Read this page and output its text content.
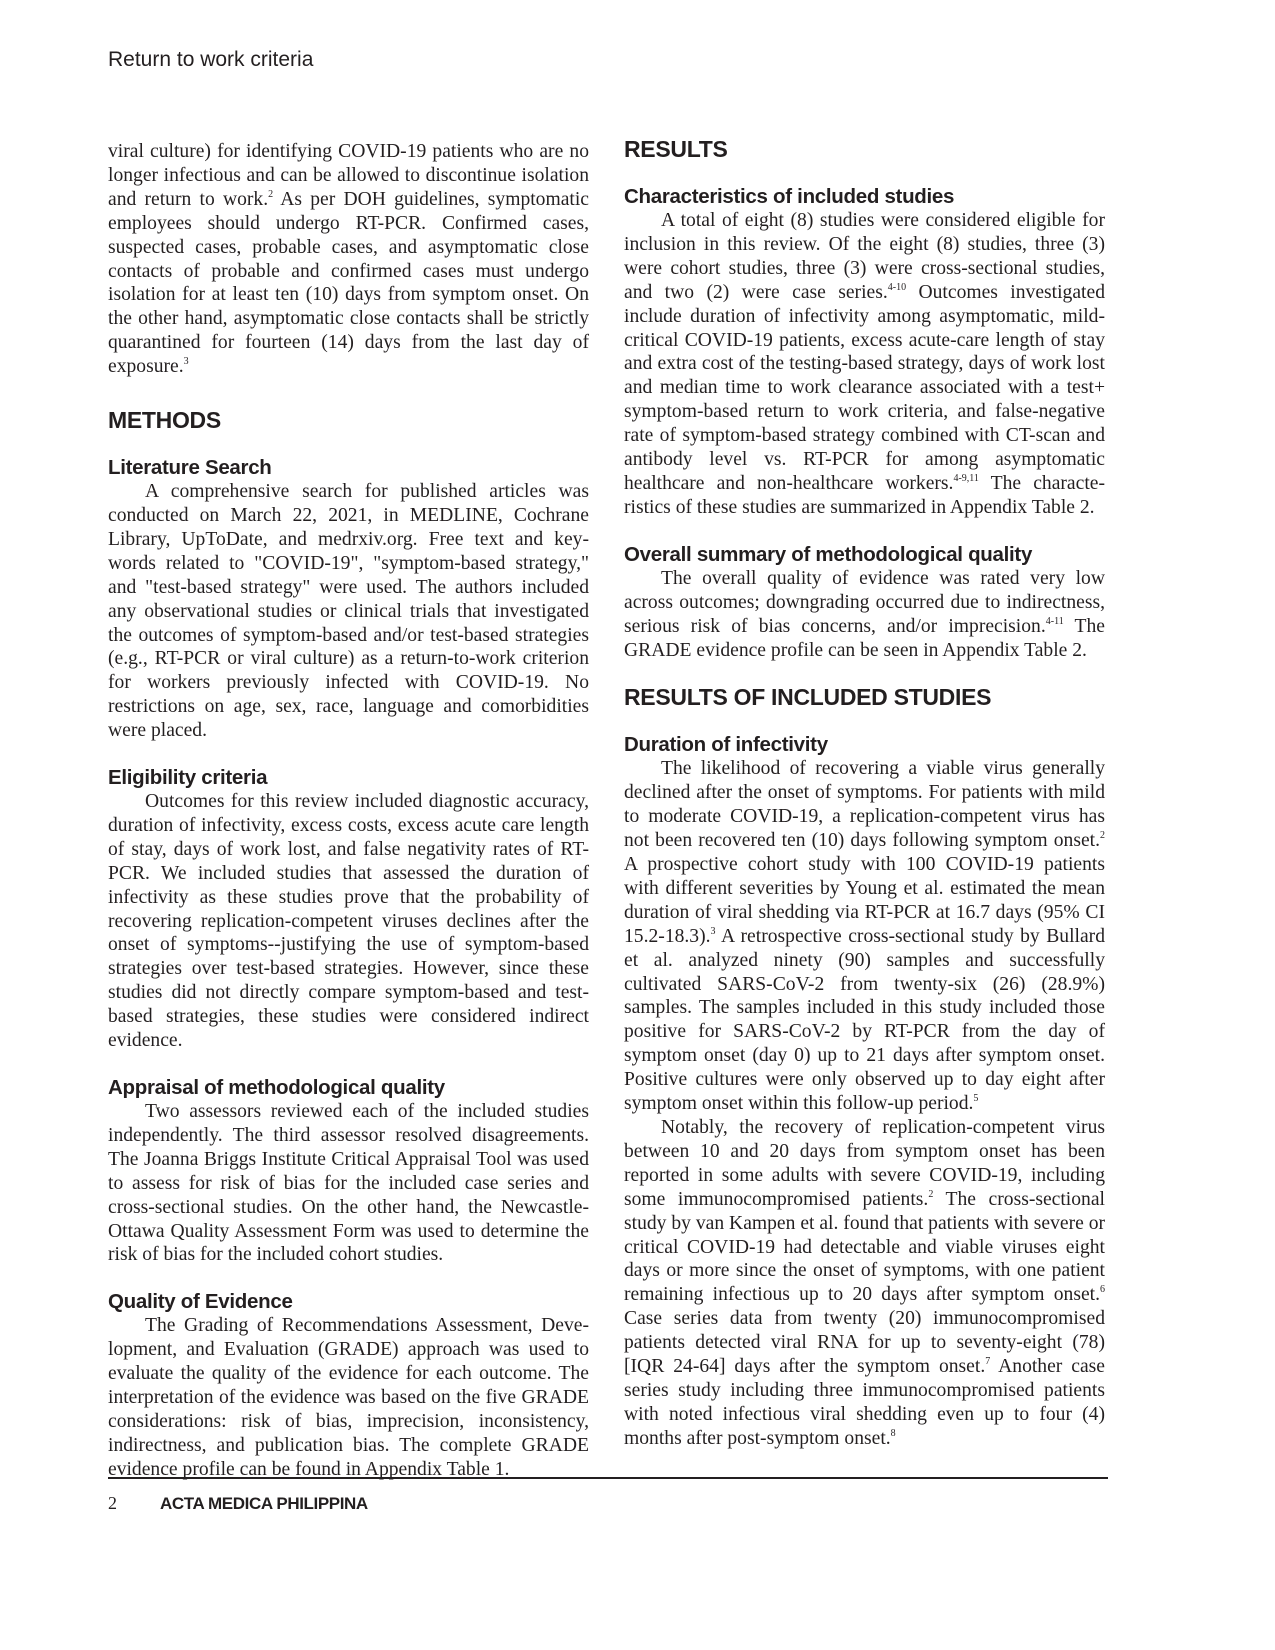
Return to work criteria

viral culture) for identifying COVID-19 patients who are no longer infectious and can be allowed to discontinue isolation and return to work.$^2$ As per DOH guidelines, symptomatic employees should undergo RT-PCR. Confirmed cases, suspected cases, probable cases, and asymptomatic close contacts of probable and confirmed cases must undergo isolation for at least ten (10) days from symptom onset. On the other hand, asymptomatic close contacts shall be strictly quarantined for fourteen (14) days from the last day of exposure.$^3$

METHODS
Literature Search

A comprehensive search for published articles was conducted on March 22, 2021, in MEDLINE, Cochrane Library, UpToDate, and medrxiv.org. Free text and key-words related to "COVID-19", "symptom-based strategy," and "test-based strategy" were used. The authors included any observational studies or clinical trials that investigated the outcomes of symptom-based and/or test-based strategies (e.g., RT-PCR or viral culture) as a return-to-work criterion for workers previously infected with COVID-19. No restrictions on age, sex, race, language and comorbidities were placed.

Eligibility criteria

Outcomes for this review included diagnostic accuracy, duration of infectivity, excess costs, excess acute care length of stay, days of work lost, and false negativity rates of RT-PCR. We included studies that assessed the duration of infectivity as these studies prove that the probability of recovering replication-competent viruses declines after the onset of symptoms--justifying the use of symptom-based strategies over test-based strategies. However, since these studies did not directly compare symptom-based and test-based strategies, these studies were considered indirect evidence.

Appraisal of methodological quality

Two assessors reviewed each of the included studies independently. The third assessor resolved disagreements. The Joanna Briggs Institute Critical Appraisal Tool was used to assess for risk of bias for the included case series and cross-sectional studies. On the other hand, the Newcastle-Ottawa Quality Assessment Form was used to determine the risk of bias for the included cohort studies.

Quality of Evidence

The Grading of Recommendations Assessment, Deve-lopment, and Evaluation (GRADE) approach was used to evaluate the quality of the evidence for each outcome. The interpretation of the evidence was based on the five GRADE considerations: risk of bias, imprecision, inconsistency, indirectness, and publication bias. The complete GRADE evidence profile can be found in Appendix Table 1.

RESULTS
Characteristics of included studies

A total of eight (8) studies were considered eligible for inclusion in this review. Of the eight (8) studies, three (3) were cohort studies, three (3) were cross-sectional studies, and two (2) were case series.$^{4-10}$ Outcomes investigated include duration of infectivity among asymptomatic, mild-critical COVID-19 patients, excess acute-care length of stay and extra cost of the testing-based strategy, days of work lost and median time to work clearance associated with a test+ symptom-based return to work criteria, and false-negative rate of symptom-based strategy combined with CT-scan and antibody level vs. RT-PCR for among asymptomatic healthcare and non-healthcare workers.$^{4-9,11}$ The characte-ristics of these studies are summarized in Appendix Table 2.

Overall summary of methodological quality

The overall quality of evidence was rated very low across outcomes; downgrading occurred due to indirectness, serious risk of bias concerns, and/or imprecision.$^{4-11}$ The GRADE evidence profile can be seen in Appendix Table 2.

RESULTS OF INCLUDED STUDIES
Duration of infectivity

The likelihood of recovering a viable virus generally declined after the onset of symptoms. For patients with mild to moderate COVID-19, a replication-competent virus has not been recovered ten (10) days following symptom onset.$^2$ A prospective cohort study with 100 COVID-19 patients with different severities by Young et al. estimated the mean duration of viral shedding via RT-PCR at 16.7 days (95% CI 15.2-18.3).$^3$ A retrospective cross-sectional study by Bullard et al. analyzed ninety (90) samples and successfully cultivated SARS-CoV-2 from twenty-six (26) (28.9%) samples. The samples included in this study included those positive for SARS-CoV-2 by RT-PCR from the day of symptom onset (day 0) up to 21 days after symptom onset. Positive cultures were only observed up to day eight after symptom onset within this follow-up period.$^5$

Notably, the recovery of replication-competent virus between 10 and 20 days from symptom onset has been reported in some adults with severe COVID-19, including some immunocompromised patients.$^2$ The cross-sectional study by van Kampen et al. found that patients with severe or critical COVID-19 had detectable and viable viruses eight days or more since the onset of symptoms, with one patient remaining infectious up to 20 days after symptom onset.$^6$ Case series data from twenty (20) immunocompromised patients detected viral RNA for up to seventy-eight (78) [IQR 24-64] days after the symptom onset.$^7$ Another case series study including three immunocompromised patients with noted infectious viral shedding even up to four (4) months after post-symptom onset.$^8$

2	ACTA MEDICA PHILIPPINA
